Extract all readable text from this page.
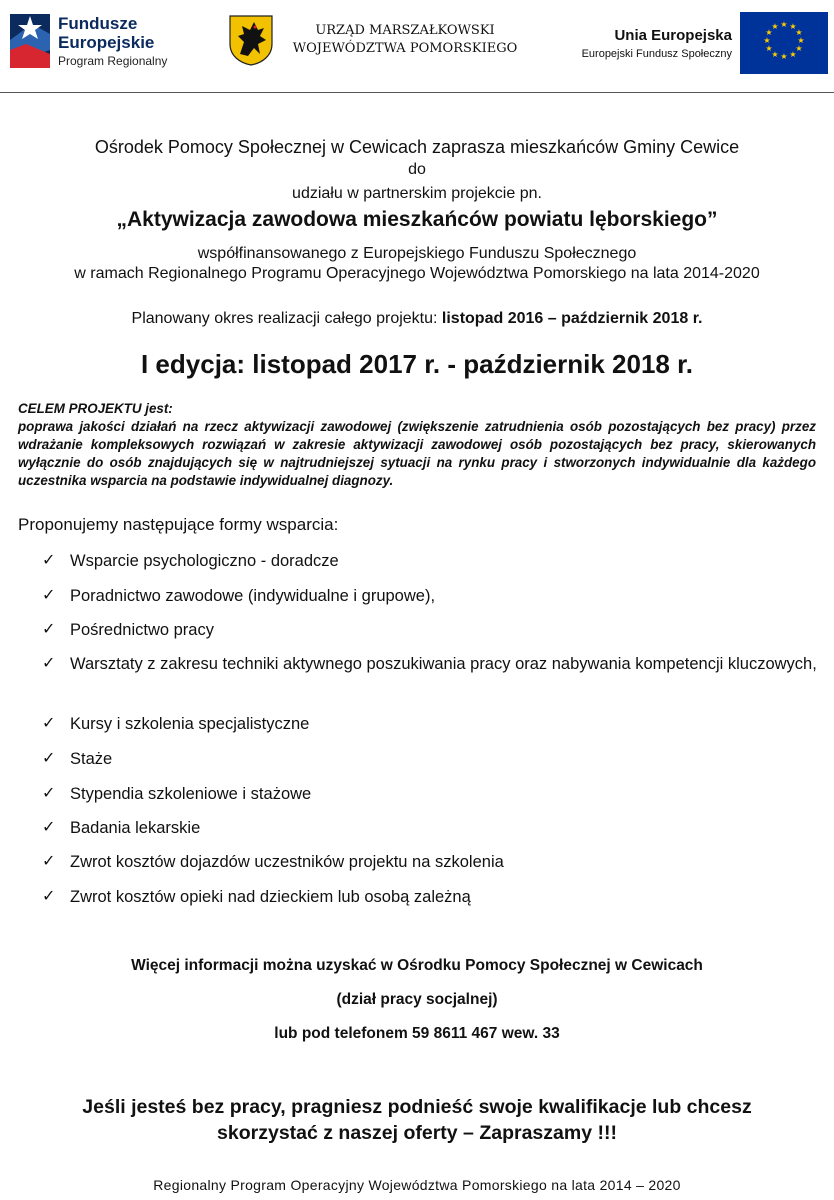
Fundusze
Europejskie
Program Regionalny
URZĄD MARSZAŁKOWSKI
WOJEWÓDZTWA POMORSKIEGO
Unia Europejska
Europejski Fundusz Społeczny
★ ★
★
★
★
★
★
★
★
★
★
★
Ośrodek Pomocy Społecznej w Cewicach zaprasza mieszkańców Gminy Cewice
do
udziału w partnerskim projekcie pn.
„Aktywizacja zawodowa mieszkańców powiatu lęborskiego”
współfinansowanego z Europejskiego Funduszu Społecznego
w ramach Regionalnego Programu Operacyjnego Województwa Pomorskiego na lata 2014-2020
Planowany okres realizacji całego projektu: listopad 2016 – październik 2018 r.
I edycja: listopad 2017 r. - październik 2018 r.
CELEM PROJEKTU jest:
poprawa jakości działań na rzecz aktywizacji zawodowej (zwiększenie zatrudnienia osób pozostających bez pracy) przez wdrażanie kompleksowych rozwiązań w zakresie aktywizacji zawodowej osób pozostających bez pracy, skierowanych wyłącznie do osób znajdujących się w najtrudniejszej sytuacji na rynku pracy i stworzonych indywidualnie dla każdego uczestnika wsparcia na podstawie indywidualnej diagnozy.
Proponujemy następujące formy wsparcia:
✓ Wsparcie psychologiczno - doradcze
✓ Poradnictwo zawodowe (indywidualne i grupowe),
✓ Pośrednictwo pracy
✓ Warsztaty z zakresu techniki aktywnego poszukiwania pracy oraz nabywania kompetencji kluczowych,
✓ Kursy i szkolenia specjalistyczne
✓ Staże
✓ Stypendia szkoleniowe i stażowe
✓ Badania lekarskie
✓ Zwrot kosztów dojazdów uczestników projektu na szkolenia
✓ Zwrot kosztów opieki nad dzieckiem lub osobą zależną
Więcej informacji można uzyskać w Ośrodku Pomocy Społecznej w Cewicach
(dział pracy socjalnej)
lub pod telefonem 59 8611 467 wew. 33
Jeśli jesteś bez pracy, pragniesz podnieść swoje kwalifikacje lub chcesz
skorzystać z naszej oferty – Zapraszamy !!!
Regionalny Program Operacyjny Województwa Pomorskiego na lata 2014 – 2020
